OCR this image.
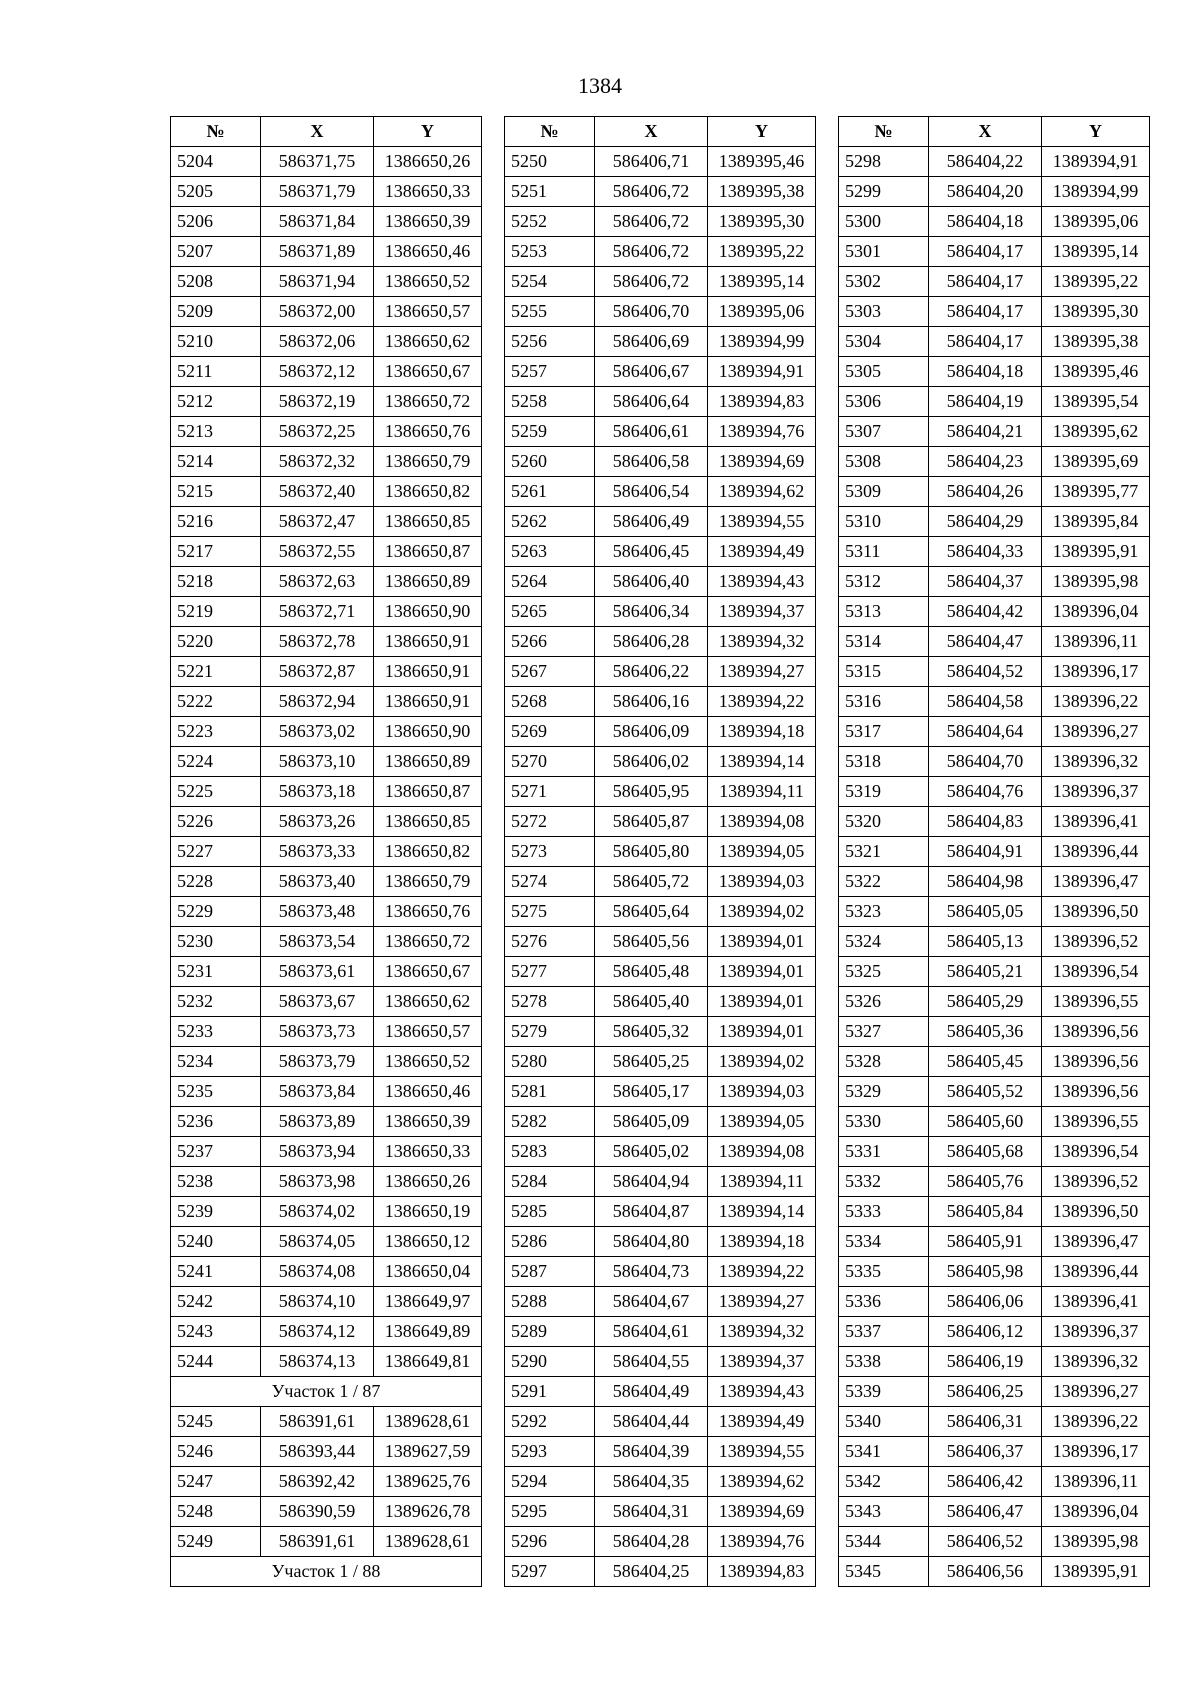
1384
№	X	Y
5204	586371,75	1386650,26
5205	586371,79	1386650,33
5206	586371,84	1386650,39
5207	586371,89	1386650,46
5208	586371,94	1386650,52
5209	586372,00	1386650,57
5210	586372,06	1386650,62
5211	586372,12	1386650,67
5212	586372,19	1386650,72
5213	586372,25	1386650,76
5214	586372,32	1386650,79
5215	586372,40	1386650,82
5216	586372,47	1386650,85
5217	586372,55	1386650,87
5218	586372,63	1386650,89
5219	586372,71	1386650,90
5220	586372,78	1386650,91
5221	586372,87	1386650,91
5222	586372,94	1386650,91
5223	586373,02	1386650,90
5224	586373,10	1386650,89
5225	586373,18	1386650,87
5226	586373,26	1386650,85
5227	586373,33	1386650,82
5228	586373,40	1386650,79
5229	586373,48	1386650,76
5230	586373,54	1386650,72
5231	586373,61	1386650,67
5232	586373,67	1386650,62
5233	586373,73	1386650,57
5234	586373,79	1386650,52
5235	586373,84	1386650,46
5236	586373,89	1386650,39
5237	586373,94	1386650,33
5238	586373,98	1386650,26
5239	586374,02	1386650,19
5240	586374,05	1386650,12
5241	586374,08	1386650,04
5242	586374,10	1386649,97
5243	586374,12	1386649,89
5244	586374,13	1386649,81
Участок 1 / 87		
5245	586391,61	1389628,61
5246	586393,44	1389627,59
5247	586392,42	1389625,76
5248	586390,59	1389626,78
5249	586391,61	1389628,61
Участок 1 / 88		
№	X	Y
5250	586406,71	1389395,46
5251	586406,72	1389395,38
5252	586406,72	1389395,30
5253	586406,72	1389395,22
5254	586406,72	1389395,14
5255	586406,70	1389395,06
5256	586406,69	1389394,99
5257	586406,67	1389394,91
5258	586406,64	1389394,83
5259	586406,61	1389394,76
5260	586406,58	1389394,69
5261	586406,54	1389394,62
5262	586406,49	1389394,55
5263	586406,45	1389394,49
5264	586406,40	1389394,43
5265	586406,34	1389394,37
5266	586406,28	1389394,32
5267	586406,22	1389394,27
5268	586406,16	1389394,22
5269	586406,09	1389394,18
5270	586406,02	1389394,14
5271	586405,95	1389394,11
5272	586405,87	1389394,08
5273	586405,80	1389394,05
5274	586405,72	1389394,03
5275	586405,64	1389394,02
5276	586405,56	1389394,01
5277	586405,48	1389394,01
5278	586405,40	1389394,01
5279	586405,32	1389394,01
5280	586405,25	1389394,02
5281	586405,17	1389394,03
5282	586405,09	1389394,05
5283	586405,02	1389394,08
5284	586404,94	1389394,11
5285	586404,87	1389394,14
5286	586404,80	1389394,18
5287	586404,73	1389394,22
5288	586404,67	1389394,27
5289	586404,61	1389394,32
5290	586404,55	1389394,37
5291	586404,49	1389394,43
5292	586404,44	1389394,49
5293	586404,39	1389394,55
5294	586404,35	1389394,62
5295	586404,31	1389394,69
5296	586404,28	1389394,76
5297	586404,25	1389394,83
№	X	Y
5298	586404,22	1389394,91
5299	586404,20	1389394,99
5300	586404,18	1389395,06
5301	586404,17	1389395,14
5302	586404,17	1389395,22
5303	586404,17	1389395,30
5304	586404,17	1389395,38
5305	586404,18	1389395,46
5306	586404,19	1389395,54
5307	586404,21	1389395,62
5308	586404,23	1389395,69
5309	586404,26	1389395,77
5310	586404,29	1389395,84
5311	586404,33	1389395,91
5312	586404,37	1389395,98
5313	586404,42	1389396,04
5314	586404,47	1389396,11
5315	586404,52	1389396,17
5316	586404,58	1389396,22
5317	586404,64	1389396,27
5318	586404,70	1389396,32
5319	586404,76	1389396,37
5320	586404,83	1389396,41
5321	586404,91	1389396,44
5322	586404,98	1389396,47
5323	586405,05	1389396,50
5324	586405,13	1389396,52
5325	586405,21	1389396,54
5326	586405,29	1389396,55
5327	586405,36	1389396,56
5328	586405,45	1389396,56
5329	586405,52	1389396,56
5330	586405,60	1389396,55
5331	586405,68	1389396,54
5332	586405,76	1389396,52
5333	586405,84	1389396,50
5334	586405,91	1389396,47
5335	586405,98	1389396,44
5336	586406,06	1389396,41
5337	586406,12	1389396,37
5338	586406,19	1389396,32
5339	586406,25	1389396,27
5340	586406,31	1389396,22
5341	586406,37	1389396,17
5342	586406,42	1389396,11
5343	586406,47	1389396,04
5344	586406,52	1389395,98
5345	586406,56	1389395,91
